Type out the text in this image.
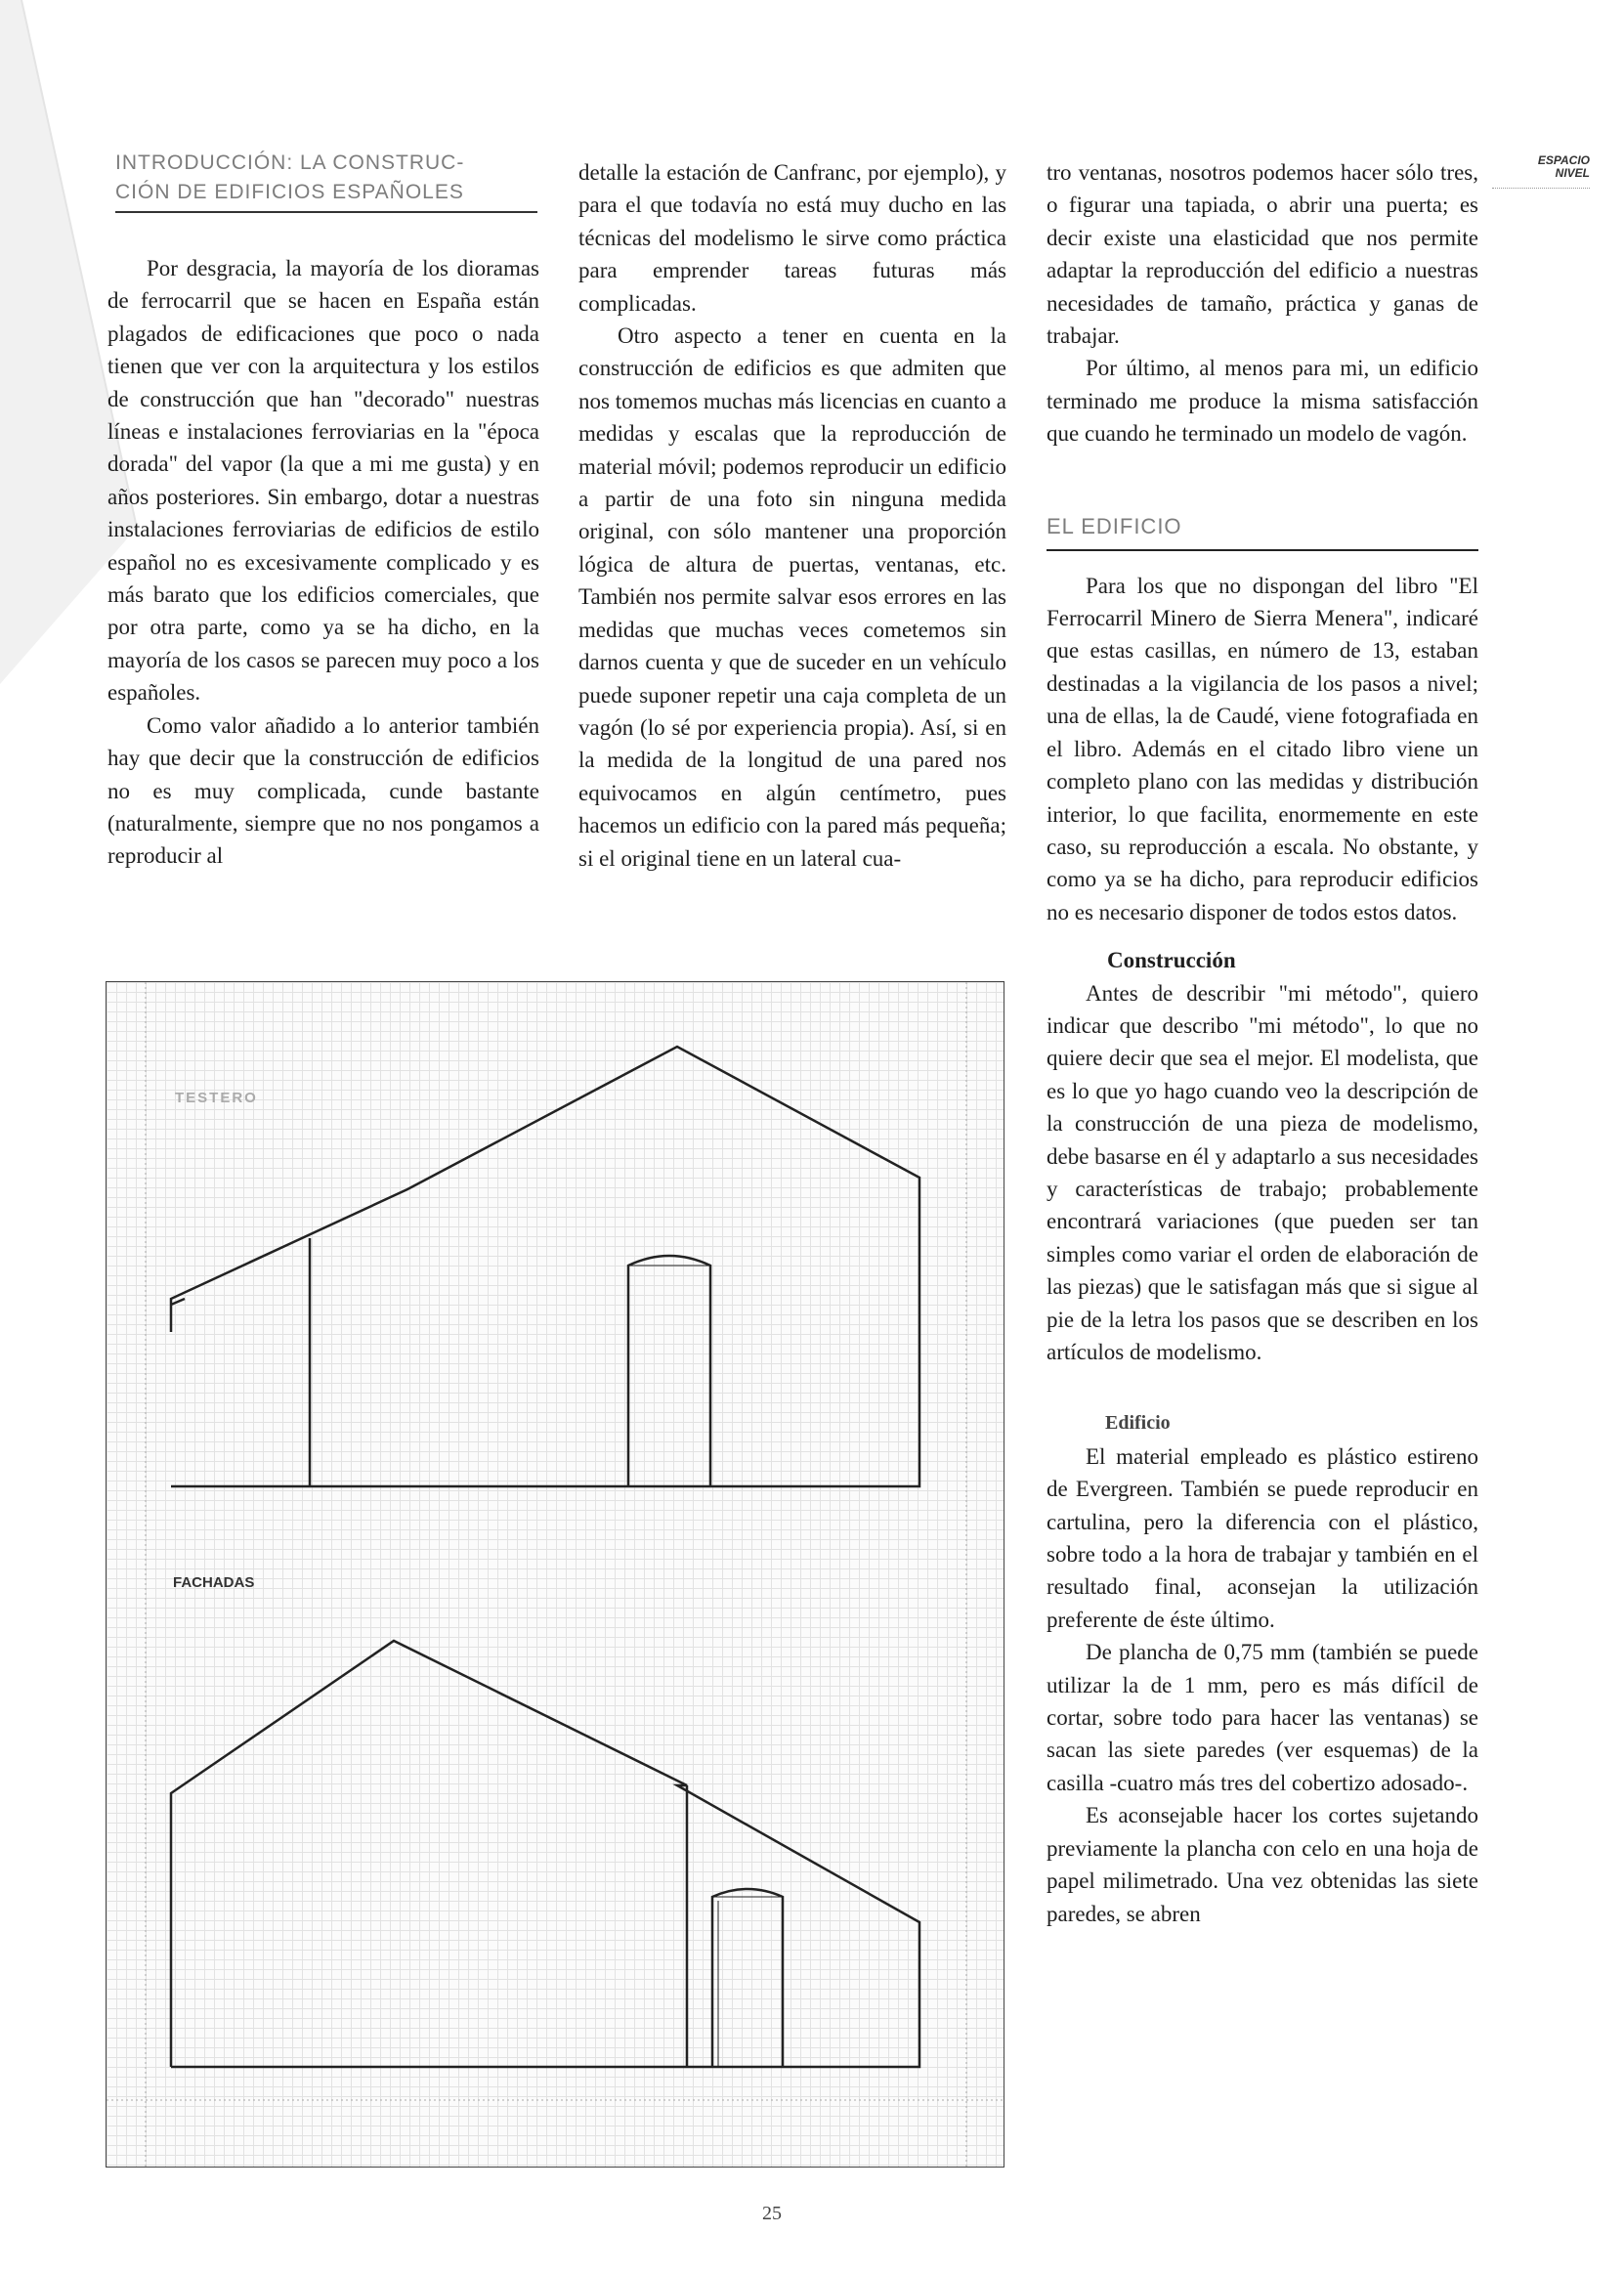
INTRODUCCIÓN: LA CONSTRUC-
CIÓN DE EDIFICIOS ESPAÑOLES

Por desgracia, la mayoría de los dioramas de ferrocarril que se hacen en España están plagados de edificaciones que poco o nada tienen que ver con la arquitectura y los estilos de construcción que han "decorado" nuestras líneas e instalaciones ferroviarias en la "época dorada" del vapor (la que a mi me gusta) y en años posteriores. Sin embargo, dotar a nuestras instalaciones ferroviarias de edificios de estilo español no es excesivamente complicado y es más barato que los edificios comerciales, que por otra parte, como ya se ha dicho, en la mayoría de los casos se parecen muy poco a los españoles.

Como valor añadido a lo anterior también hay que decir que la construcción de edificios no es muy complicada, cunde bastante (naturalmente, siempre que no nos pongamos a reproducir al

detalle la estación de Canfranc, por ejemplo), y para el que todavía no está muy ducho en las técnicas del modelismo le sirve como práctica para emprender tareas futuras más complicadas.

Otro aspecto a tener en cuenta en la construcción de edificios es que admiten que nos tomemos muchas más licencias en cuanto a medidas y escalas que la reproducción de material móvil; podemos reproducir un edificio a partir de una foto sin ninguna medida original, con sólo mantener una proporción lógica de altura de puertas, ventanas, etc. También nos permite salvar esos errores en las medidas que muchas veces cometemos sin darnos cuenta y que de suceder en un vehículo puede suponer repetir una caja completa de un vagón (lo sé por experiencia propia). Así, si en la medida de la longitud de una pared nos equivocamos en algún centímetro, pues hacemos un edificio con la pared más pequeña; si el original tiene en un lateral cua-

tro ventanas, nosotros podemos hacer sólo tres, o figurar una tapiada, o abrir una puerta; es decir existe una elasticidad que nos permite adaptar la reproducción del edificio a nuestras necesidades de tamaño, práctica y ganas de trabajar.

Por último, al menos para mi, un edificio terminado me produce la misma satisfacción que cuando he terminado un modelo de vagón.

Para los que no dispongan del libro "El Ferrocarril Minero de Sierra Menera", indicaré que estas casillas, en número de 13, estaban destinadas a la vigilancia de los pasos a nivel; una de ellas, la de Caudé, viene fotografiada en el libro. Además en el citado libro viene un completo plano con las medidas y distribución interior, lo que facilita, enormemente en este caso, su reproducción a escala. No obstante, y como ya se ha dicho, para reproducir edificios no es necesario disponer de todos estos datos.

Construcción

Antes de describir "mi método", quiero indicar que describo "mi método", lo que no quiere decir que sea el mejor. El modelista, que es lo que yo hago cuando veo la descripción de la construcción de una pieza de modelismo, debe basarse en él y adaptarlo a sus necesidades y características de trabajo; probablemente encontrará variaciones (que pueden ser tan simples como variar el orden de elaboración de las piezas) que le satisfagan más que si sigue al pie de la letra los pasos que se describen en los artículos de modelismo.

Edificio

El material empleado es plástico estireno de Evergreen. También se puede reproducir en cartulina, pero la diferencia con el plástico, sobre todo a la hora de trabajar y también en el resultado final, aconsejan la utilización preferente de éste último.

De plancha de 0,75 mm (también se puede utilizar la de 1 mm, pero es más difícil de cortar, sobre todo para hacer las ventanas) se sacan las siete paredes (ver esquemas) de la casilla -cuatro más tres del cobertizo adosado-.

Es aconsejable hacer los cortes sujetando previamente la plancha con celo en una hoja de papel milimetrado. Una vez obtenidas las siete paredes, se abren

EL EDIFICIO
TESTERO
FACHADAS
ESPACIO
NIVEL
25
